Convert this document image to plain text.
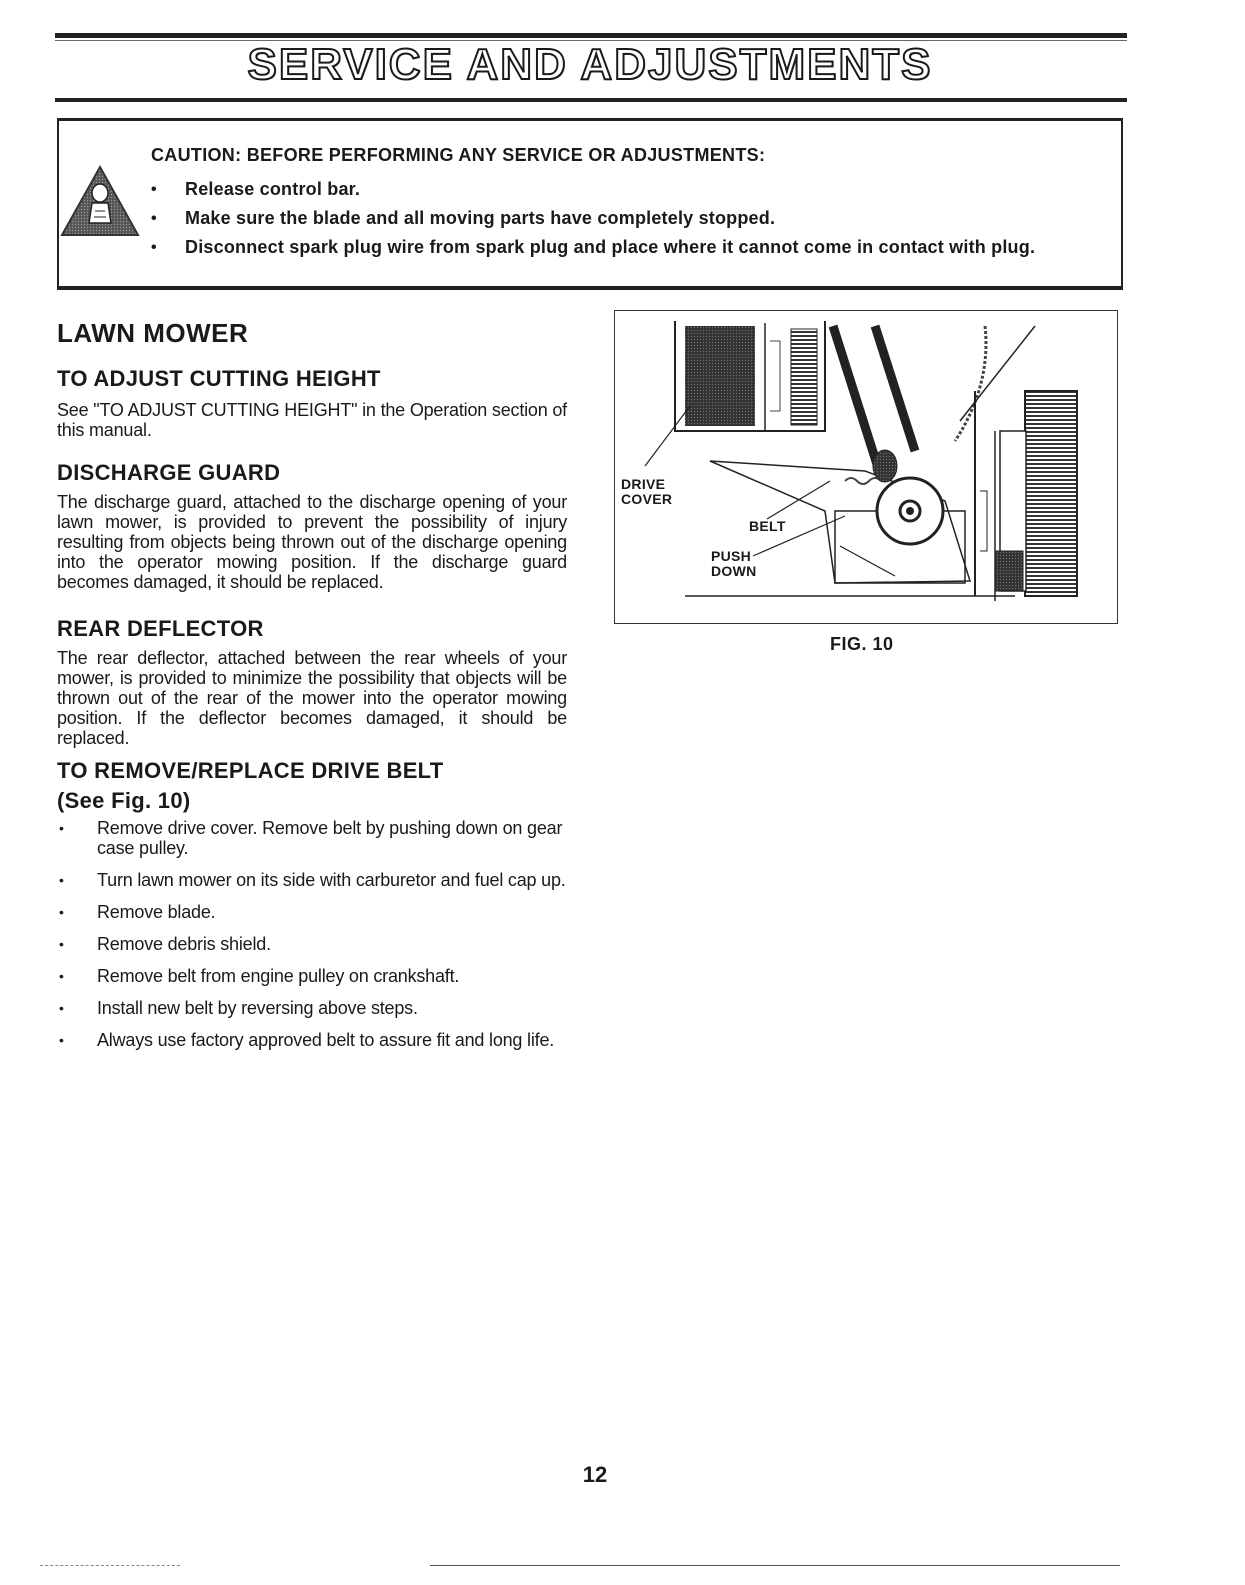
SERVICE AND ADJUSTMENTS
CAUTION: BEFORE PERFORMING ANY SERVICE OR ADJUSTMENTS:
• Release control bar.
• Make sure the blade and all moving parts have completely stopped.
• Disconnect spark plug wire from spark plug and place where it cannot come in contact with plug.
LAWN MOWER
TO ADJUST CUTTING HEIGHT

See "TO ADJUST CUTTING HEIGHT" in the Operation section of this manual.

DISCHARGE GUARD

The discharge guard, attached to the discharge opening of your lawn mower, is provided to prevent the possibility of injury resulting from objects being thrown out of the discharge opening into the operator mowing position. If the discharge guard becomes damaged, it should be replaced.

REAR DEFLECTOR

The rear deflector, attached between the rear wheels of your mower, is provided to minimize the possibility that objects will be thrown out of the rear of the mower into the operator mowing position. If the deflector becomes damaged, it should be replaced.

TO REMOVE/REPLACE DRIVE BELT
(See Fig. 10)
• Remove drive cover. Remove belt by pushing down on gear case pulley.
• Turn lawn mower on its side with carburetor and fuel cap up.
• Remove blade.
• Remove debris shield.
• Remove belt from engine pulley on crankshaft.
• Install new belt by reversing above steps.
• Always use factory approved belt to assure fit and long life.
DRIVE
COVER
BELT
PUSH
DOWN
FIG. 10
12
